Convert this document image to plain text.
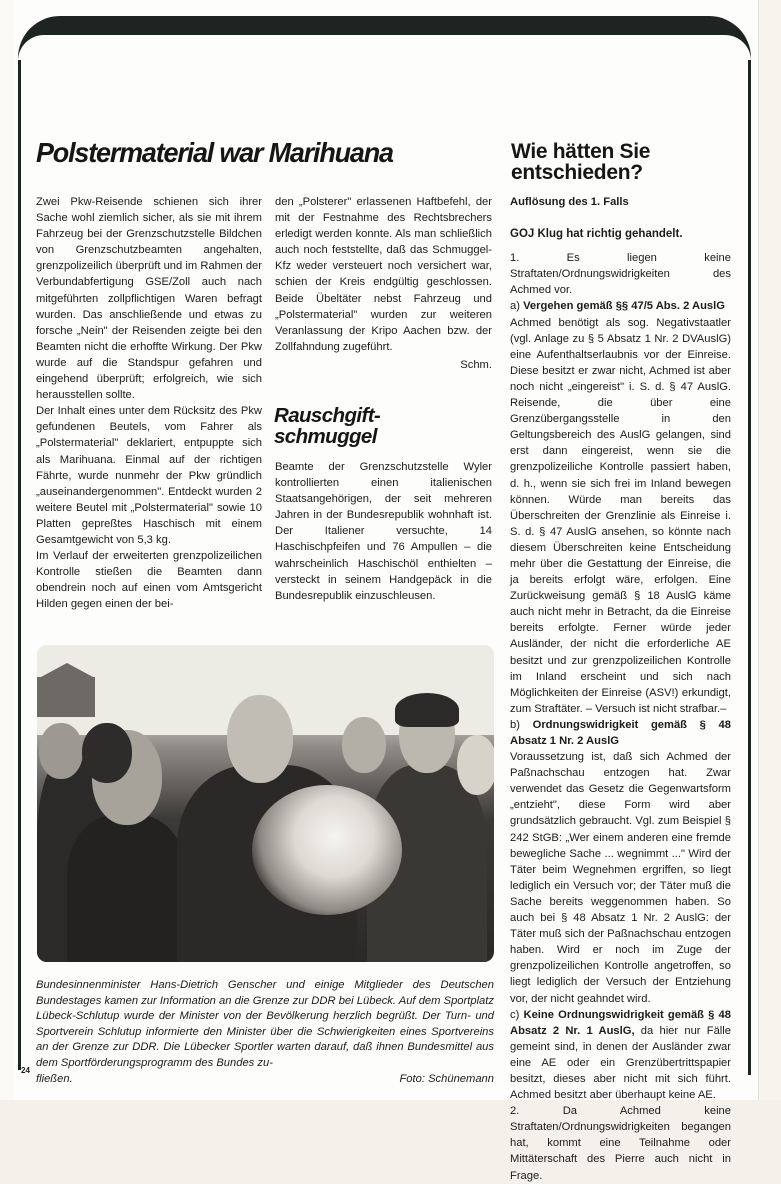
Polstermaterial war Marihuana	Wie hätten Sie entschieden?

Zwei Pkw-Reisende schienen sich ihrer Sache wohl ziemlich sicher, als sie mit ihrem Fahrzeug bei der Grenzschutzstelle Bildchen von Grenzschutzbeamten angehalten, grenzpolizeilich überprüft und im Rahmen der Verbundabfertigung GSE/Zoll auch nach mitgeführten zollpflichtigen Waren befragt wurden. Das anschließende und etwas zu forsche „Nein" der Reisenden zeigte bei den Beamten nicht die erhoffte Wirkung. Der Pkw wurde auf die Standspur gefahren und eingehend überprüft; erfolgreich, wie sich herausstellen sollte.

Der Inhalt eines unter dem Rücksitz des Pkw gefundenen Beutels, vom Fahrer als „Polstermaterial" deklariert, entpuppte sich als Marihuana. Einmal auf der richtigen Fährte, wurde nunmehr der Pkw gründlich „auseinandergenommen". Entdeckt wurden 2 weitere Beutel mit „Polstermaterial" sowie 10 Platten gepreßtes Haschisch mit einem Gesamtgewicht von 5,3 kg.

Im Verlauf der erweiterten grenzpolizeilichen Kontrolle stießen die Beamten dann obendrein noch auf einen vom Amtsgericht Hilden gegen einen der bei-

den „Polsterer" erlassenen Haftbefehl, der mit der Festnahme des Rechtsbrechers erledigt werden konnte. Als man schließlich auch noch feststellte, daß das Schmuggel-Kfz weder versteuert noch versichert war, schien der Kreis endgültig geschlossen. Beide Übeltäter nebst Fahrzeug und „Polstermaterial" wurden zur weiteren Veranlassung der Kripo Aachen bzw. der Zollfahndung zugeführt.

Schm.

Rauschgift-
schmuggel

Beamte der Grenzschutzstelle Wyler kontrollierten einen italienischen Staatsangehörigen, der seit mehreren Jahren in der Bundesrepublik wohnhaft ist. Der Italiener versuchte, 14 Haschischpfeifen und 76 Ampullen – die wahrscheinlich Haschischöl enthielten – versteckt in seinem Handgepäck in die Bundesrepublik einzuschleusen.

Auflösung des 1. Falls

GOJ Klug hat richtig gehandelt.

1. Es liegen keine Straftaten/Ordnungswidrigkeiten des Achmed vor.

a) Vergehen gemäß §§ 47/5 Abs. 2 AuslG

Achmed benötigt als sog. Negativstaatler (vgl. Anlage zu § 5 Absatz 1 Nr. 2 DVAuslG) eine Aufenthaltserlaubnis vor der Einreise. Diese besitzt er zwar nicht, Achmed ist aber noch nicht „eingereist" i. S. d. § 47 AuslG. Reisende, die über eine Grenzübergangsstelle in den Geltungsbereich des AuslG gelangen, sind erst dann eingereist, wenn sie die grenzpolizeiliche Kontrolle passiert haben, d. h., wenn sie sich frei im Inland bewegen können. Würde man bereits das Überschreiten der Grenzlinie als Einreise i. S. d. § 47 AuslG ansehen, so könnte nach diesem Überschreiten keine Entscheidung mehr über die Gestattung der Einreise, die ja bereits erfolgt wäre, erfolgen. Eine Zurückweisung gemäß § 18 AuslG käme auch nicht mehr in Betracht, da die Einreise bereits erfolgte. Ferner würde jeder Ausländer, der nicht die erforderliche AE besitzt und zur grenzpolizeilichen Kontrolle im Inland erscheint und sich nach Möglichkeiten der Einreise (ASV!) erkundigt, zum Straftäter. – Versuch ist nicht strafbar.–

b) Ordnungswidrigkeit gemäß § 48 Absatz 1 Nr. 2 AuslG

Voraussetzung ist, daß sich Achmed der Paßnachschau entzogen hat. Zwar verwendet das Gesetz die Gegenwartsform „entzieht", diese Form wird aber grundsätzlich gebraucht. Vgl. zum Beispiel § 242 StGB: „Wer einem anderen eine fremde bewegliche Sache ... wegnimmt ..." Wird der Täter beim Wegnehmen ergriffen, so liegt lediglich ein Versuch vor; der Täter muß die Sache bereits weggenommen haben. So auch bei § 48 Absatz 1 Nr. 2 AuslG: der Täter muß sich der Paßnachschau entzogen haben. Wird er noch im Zuge der grenzpolizeilichen Kontrolle angetroffen, so liegt lediglich der Versuch der Entziehung vor, der nicht geahndet wird.

c) Keine Ordnungswidrigkeit gemäß § 48 Absatz 2 Nr. 1 AuslG, da hier nur Fälle gemeint sind, in denen der Ausländer zwar eine AE oder ein Grenzübertrittspapier besitzt, dieses aber nicht mit sich führt. Achmed besitzt aber überhaupt keine AE.

2. Da Achmed keine Straftaten/Ordnungswidrigkeiten begangen hat, kommt eine Teilnahme oder Mittäterschaft des Pierre auch nicht in Frage.

Bundesinnenminister Hans-Dietrich Genscher und einige Mitglieder des Deutschen Bundestages kamen zur Information an die Grenze zur DDR bei Lübeck. Auf dem Sportplatz Lübeck-Schlutup wurde der Minister von der Bevölkerung herzlich begrüßt. Der Turn- und Sportverein Schlutup informierte den Minister über die Schwierigkeiten eines Sportvereins an der Grenze zur DDR. Die Lübecker Sportler warten darauf, daß ihnen Bundesmittel aus dem Sportförderungsprogramm des Bundes zu-
fließen.	Foto: Schünemann
24
